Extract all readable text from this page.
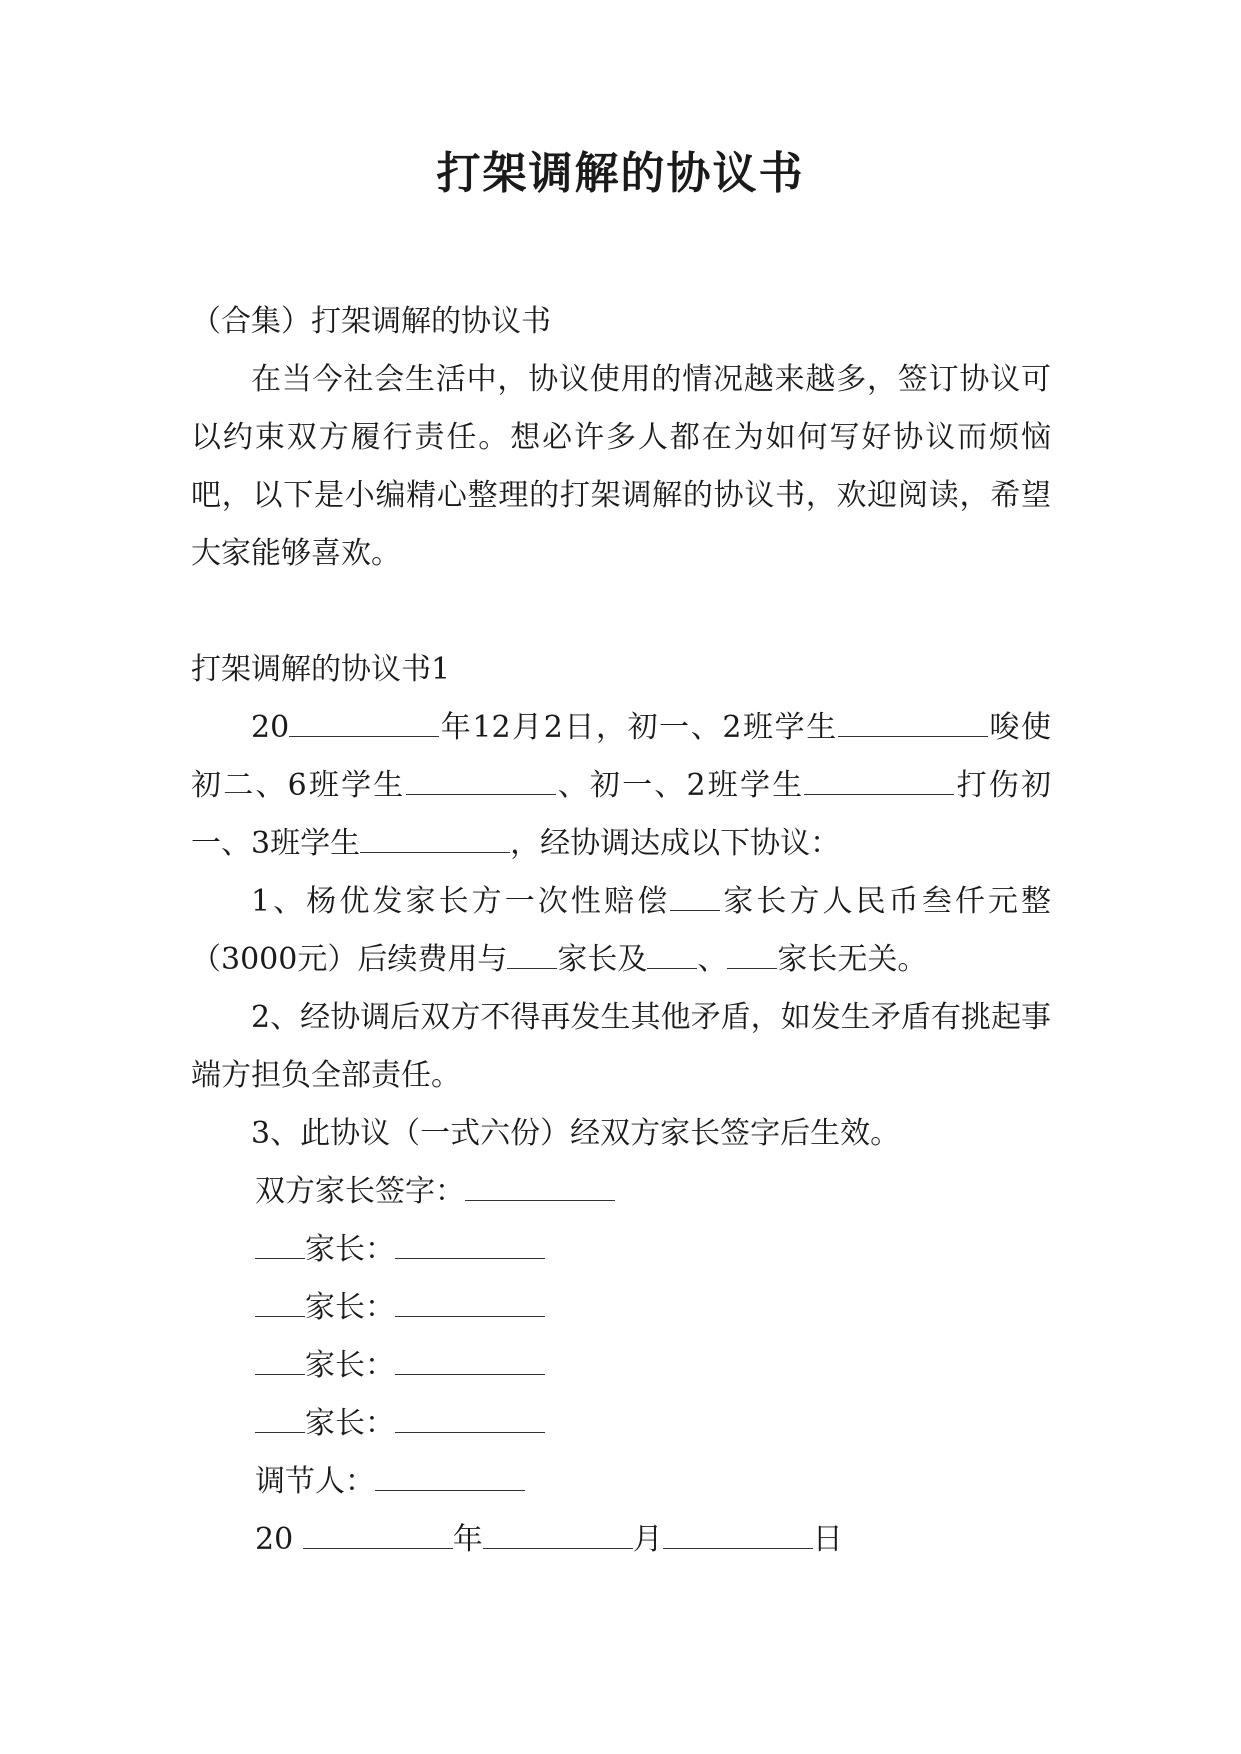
打架调解的协议书

（合集）打架调解的协议书

在当今社会生活中，协议使用的情况越来越多，签订协议可以约束双方履行责任。想必许多人都在为如何写好协议而烦恼吧，以下是小编精心整理的打架调解的协议书，欢迎阅读，希望大家能够喜欢。

打架调解的协议书1

20	年12月2日，初一、2班学生	唆使初二、6班学生	、初一、2班学生	打伤初一、3班学生	，经协调达成以下协议：

1、杨优发家长方一次性赔偿 家长方人民币叁仟元整（3000元）后续费用与 家长及 、 家长无关。

2、经协调后双方不得再发生其他矛盾，如发生矛盾有挑起事端方担负全部责任。

3、此协议（一式六份）经双方家长签字后生效。

双方家长签字：
家长：
家长：
家长：
家长：
调节人：
20	年	月	日
